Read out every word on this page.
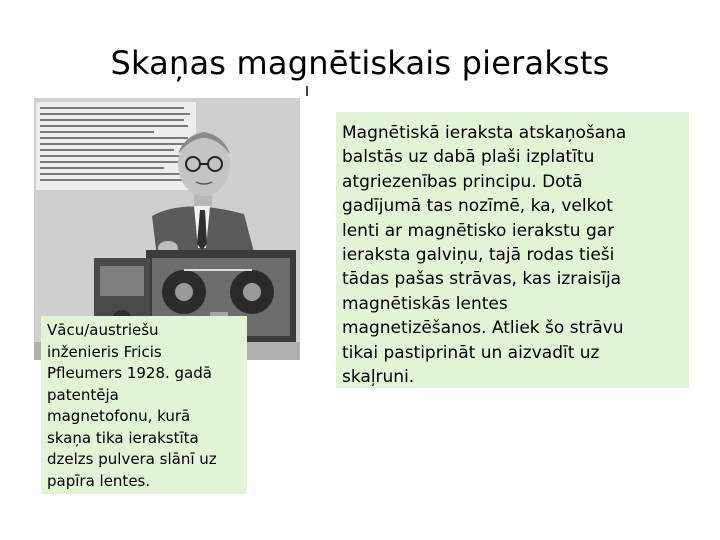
Skaņas magnētiskais pieraksts
Vācu/austriešu
inženieris Fricis
Pfleumers 1928. gadā
patentēja
magnetofonu, kurā
skaņa tika ierakstīta
dzelzs pulvera slānī uz
papīra lentes.
Magnētiskā ieraksta atskaņošana
balstās uz dabā plaši izplatītu
atgriezenības principu. Dotā
gadījumā tas nozīmē, ka, velkot
lenti ar magnētisko ierakstu gar
ieraksta galviņu, tajā rodas tieši
tādas pašas strāvas, kas izraisīja
magnētiskās lentes
magnetizēšanos. Atliek šo strāvu
tikai pastiprināt un aizvadīt uz
skaļruni.
